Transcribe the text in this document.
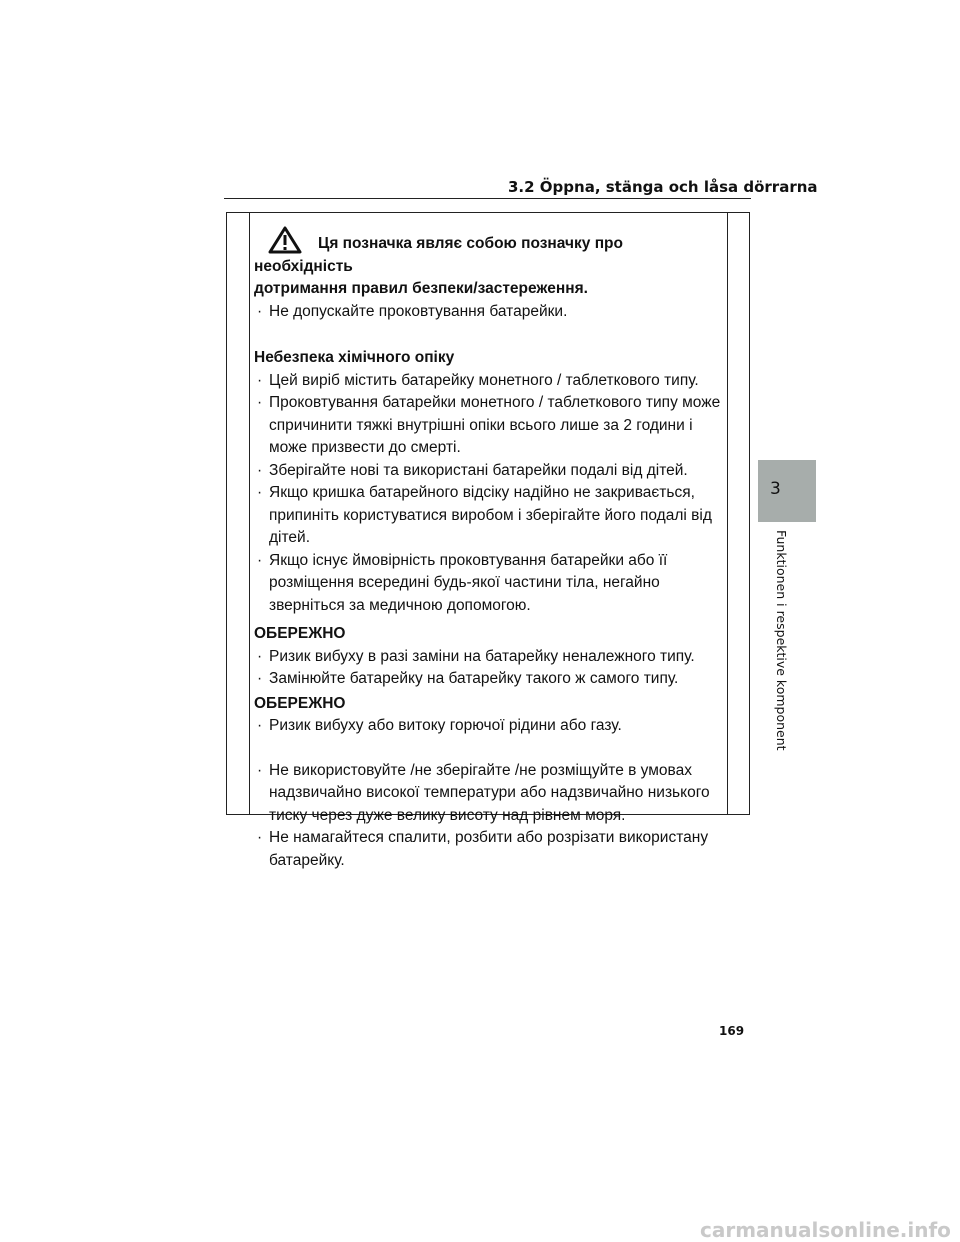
3.2 Öppna, stänga och låsa dörrarna
Ця позначка являє собою позначку про необхідність
дотримання правил безпеки/застереження.
· Не допускайте проковтування батарейки.
Небезпека хімічного опіку
· Цей виріб містить батарейку монетного / таблеткового типу.
· Проковтування батарейки монетного / таблеткового типу може
спричинити тяжкі внутрішні опіки всього лише за 2 години і
може призвести до смерті.
· Зберігайте нові та використані батарейки подалі від дітей.
· Якщо кришка батарейного відсіку надійно не закривається,
припиніть користуватися виробом і зберігайте його подалі від
дітей.
· Якщо існує ймовірність проковтування батарейки або її
розміщення всередині будь-якої частини тіла, негайно
зверніться за медичною допомогою.
ОБЕРЕЖНО
· Ризик вибуху в разі заміни на батарейку неналежного типу.
· Замінюйте батарейку на батарейку такого ж самого типу.
ОБЕРЕЖНО
· Ризик вибуху або витоку горючої рідини або газу.
· Не використовуйте /не зберігайте /не розміщуйте в умовах
надзвичайно високої температури або надзвичайно низького
тиску через дуже велику висоту над рівнем моря.
· Не намагайтеся спалити, розбити або розрізати використану
батарейку.
3
Funktionen i respektive komponent
169
carmanualsonline.info
